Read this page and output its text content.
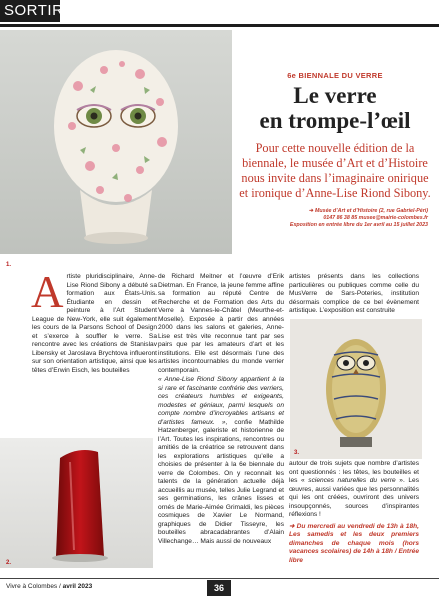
SORTIR
1.
6e BIENNALE DU VERRE
Le verre
en trompe-l’œil
Pour cette nouvelle édition de la biennale, le musée d’Art et d’Histoire nous invite dans l’imaginaire onirique et ironique d’Anne-Lise Riond Sibony.
➜ Musée d’Art et d’Histoire (2, rue Gabriel-Péri)
0147 86 38 85 musee@mairie-colombes.fr
Exposition en entrée libre du 1er avril au 15 juillet 2023
A rtiste pluridisciplinaire, Anne-Lise Riond Sibony a débuté sa formation aux États-Unis. Étudiante en dessin et peinture à l’Art Student League de New-York, elle suit également les cours de la Parsons School of Design et s’exerce à souffler le verre. Sa rencontre avec les créations de Stanislav Libensky et Jaroslava Brychtova influeront sur son orientation artistique, ainsi que les têtes d’Erwin Eisch, les bouteilles
2.

de Richard Meitner et l’œuvre d’Erik Dietman. En France, la jeune femme affine sa formation au réputé Centre de Recherche et de Formation des Arts du Verre à Vannes-le-Châtel (Meurthe-et-Moselle). Exposée à partir des années 2000 dans les salons et galeries, Anne-Lise est très vite reconnue tant par ses pairs que par les amateurs d’art et les institutions. Elle est désormais l’une des artistes incontournables du monde verrier contemporain.

« Anne-Lise Riond Sibony appartient à la si rare et fascinante confrérie des verriers, ces créateurs humbles et exigeants, modestes et géniaux, parmi lesquels on compte nombre d’incroyables artisans et d’artistes fameux. », confie Mathilde Hatzenberger, galeriste et historienne de l’Art. Toutes les inspirations, rencontres ou amitiés de la créatrice se retrouvent dans les explorations artistiques qu’elle a choisies de présenter à la 6e biennale du verre de Colombes. On y reconnait les talents de la génération actuelle déjà accueillis au musée, telles Julie Legrand et ses germinations, les crânes lisses et ornés de Marie-Aimée Grimaldi, les pièces cosmiques de Xavier Le Normand, graphiques de Didier Tisseyre, les bouteilles abracadabrantes d’Alain Villechange… Mais aussi de nouveaux

artistes présents dans les collections particulières ou publiques comme celle du MusVerre de Sars-Poteries, institution désormais complice de ce bel évènement artistique. L’exposition est construite

3.

autour de trois sujets que nombre d’artistes ont questionnés : les têtes, les bouteilles et les « sciences naturelles du verre ». Les œuvres, aussi variées que les personnalités qui les ont créées, ouvriront des univers insoupçonnés, sources d’inspirantes réflexions !

➜ Du mercredi au vendredi de 13h à 18h, Les samedis et les deux premiers dimanches de chaque mois (hors vacances scolaires) de 14h à 18h / Entrée libre

Vivre à Colombes / avril 2023	36
